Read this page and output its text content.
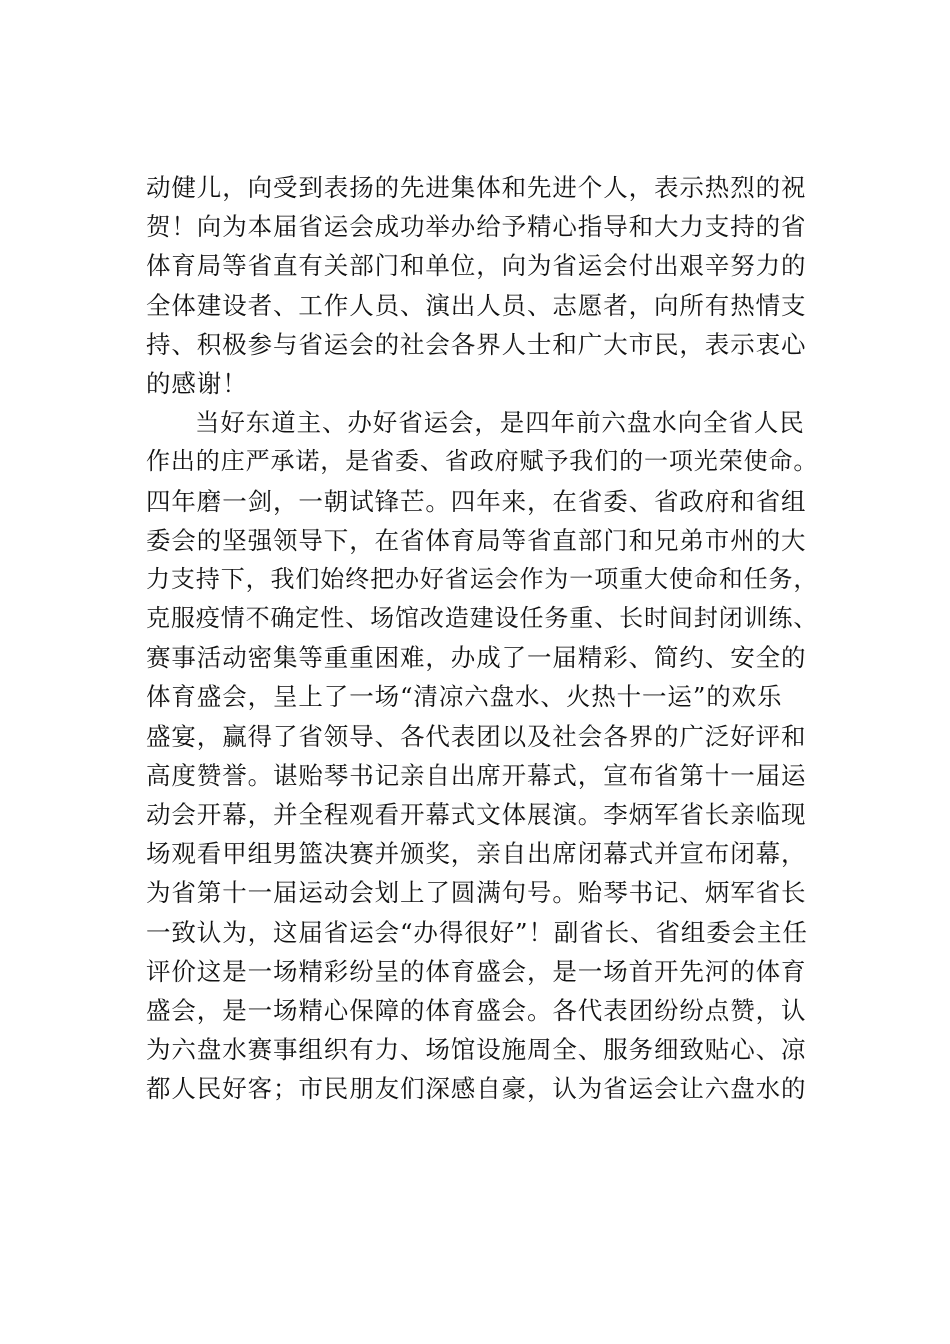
动健儿，向受到表扬的先进集体和先进个人，表示热烈的祝
贺！向为本届省运会成功举办给予精心指导和大力支持的省
体育局等省直有关部门和单位，向为省运会付出艰辛努力的
全体建设者、工作人员、演出人员、志愿者，向所有热情支
持、积极参与省运会的社会各界人士和广大市民，表示衷心
的感谢！
当好东道主、办好省运会，是四年前六盘水向全省人民
作出的庄严承诺，是省委、省政府赋予我们的一项光荣使命。
四年磨一剑，一朝试锋芒。四年来，在省委、省政府和省组
委会的坚强领导下，在省体育局等省直部门和兄弟市州的大
力支持下，我们始终把办好省运会作为一项重大使命和任务，
克服疫情不确定性、场馆改造建设任务重、长时间封闭训练、
赛事活动密集等重重困难，办成了一届精彩、简约、安全的
体育盛会，呈上了一场“清凉六盘水、火热十一运”的欢乐
盛宴，赢得了省领导、各代表团以及社会各界的广泛好评和
高度赞誉。谌贻琴书记亲自出席开幕式，宣布省第十一届运
动会开幕，并全程观看开幕式文体展演。李炳军省长亲临现
场观看甲组男篮决赛并颁奖，亲自出席闭幕式并宣布闭幕，
为省第十一届运动会划上了圆满句号。贻琴书记、炳军省长
一致认为，这届省运会“办得很好”！副省长、省组委会主任
评价这是一场精彩纷呈的体育盛会，是一场首开先河的体育
盛会，是一场精心保障的体育盛会。各代表团纷纷点赞，认
为六盘水赛事组织有力、场馆设施周全、服务细致贴心、凉
都人民好客；市民朋友们深感自豪，认为省运会让六盘水的
